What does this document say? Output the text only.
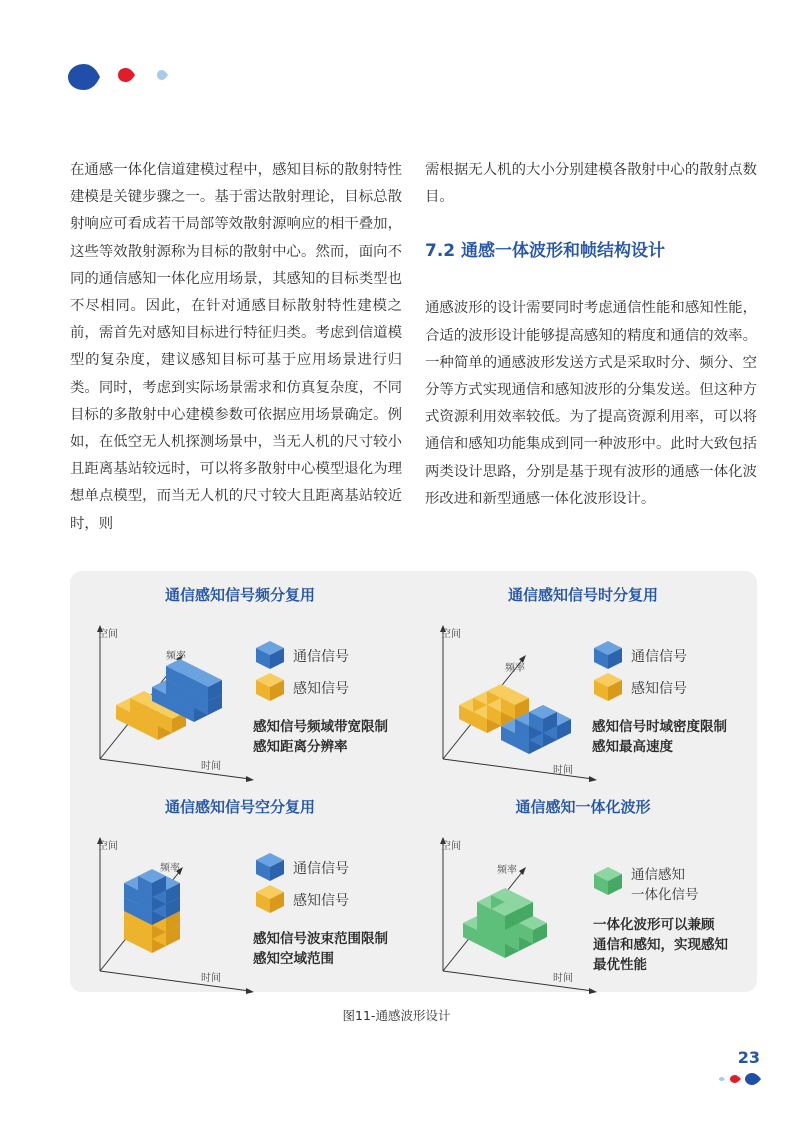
在通感一体化信道建模过程中，感知目标的散射特性建模是关键步骤之一。基于雷达散射理论，目标总散射响应可看成若干局部等效散射源响应的相干叠加，这些等效散射源称为目标的散射中心。然而，面向不同的通信感知一体化应用场景，其感知的目标类型也不尽相同。因此，在针对通感目标散射特性建模之前，需首先对感知目标进行特征归类。考虑到信道模型的复杂度，建议感知目标可基于应用场景进行归类。同时，考虑到实际场景需求和仿真复杂度，不同目标的多散射中心建模参数可依据应用场景确定。例如，在低空无人机探测场景中，当无人机的尺寸较小且距离基站较远时，可以将多散射中心模型退化为理想单点模型，而当无人机的尺寸较大且距离基站较近时，则

需根据无人机的大小分别建模各散射中心的散射点数目。

7.2 通感一体波形和帧结构设计

通感波形的设计需要同时考虑通信性能和感知性能，合适的波形设计能够提高感知的精度和通信的效率。一种简单的通感波形发送方式是采取时分、频分、空分等方式实现通信和感知波形的分集发送。但这种方式资源利用效率较低。为了提高资源利用率，可以将通信和感知功能集成到同一种波形中。此时大致包括两类设计思路，分别是基于现有波形的通感一体化波形改进和新型通感一体化波形设计。

通信感知信号频分复用
空间
频率
时间
通信信号
感知信号
感知信号频域带宽限制
感知距离分辨率
通信感知信号时分复用
空间
频率
时间
通信信号
感知信号
感知信号时域密度限制
感知最高速度
通信感知信号空分复用
空间
频率
时间
通信信号
感知信号
感知信号波束范围限制
感知空域范围
通信感知一体化波形
空间
频率
时间
通信感知
一体化信号
一体化波形可以兼顾
通信和感知，实现感知
最优性能
图11-通感波形设计
23
